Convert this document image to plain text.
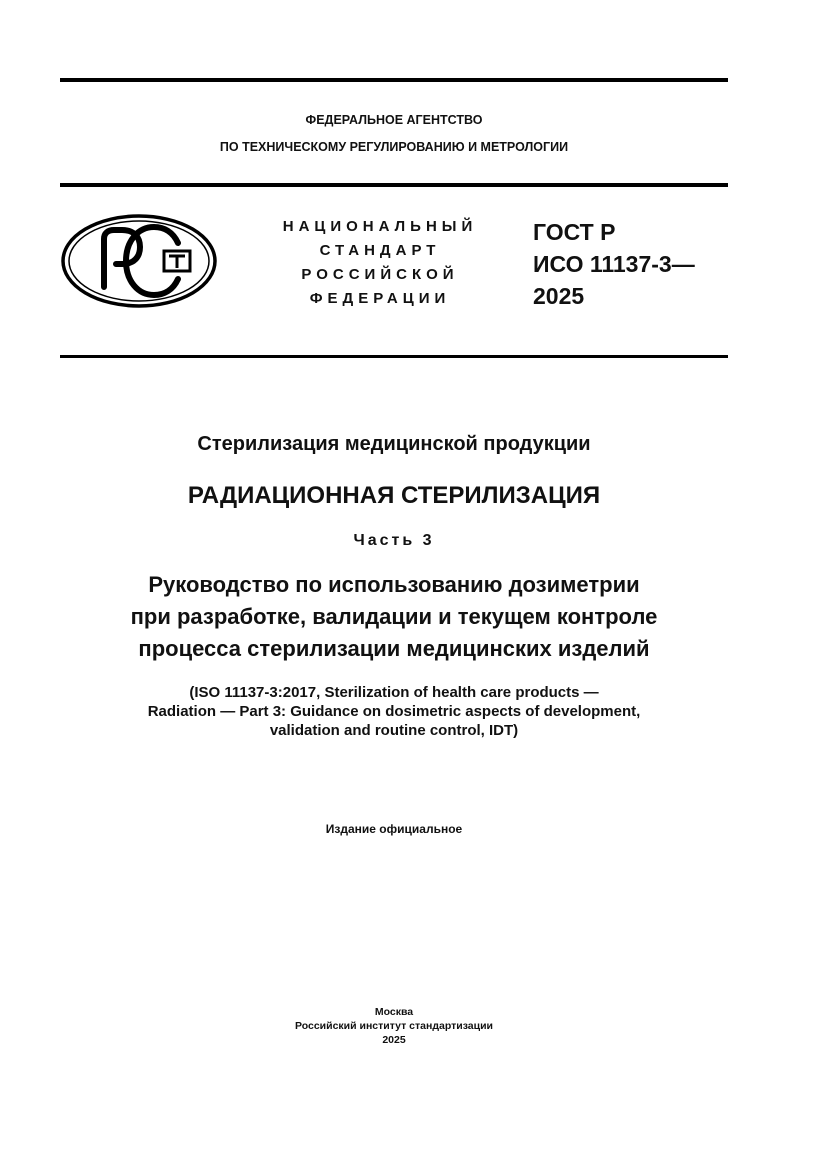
ФЕДЕРАЛЬНОЕ АГЕНТСТВО
ПО ТЕХНИЧЕСКОМУ РЕГУЛИРОВАНИЮ И МЕТРОЛОГИИ
НАЦИОНАЛЬНЫЙ
СТАНДАРТ
РОССИЙСКОЙ
ФЕДЕРАЦИИ
ГОСТ Р
ИСО 11137-3—
2025
Стерилизация медицинской продукции
РАДИАЦИОННАЯ СТЕРИЛИЗАЦИЯ
Часть 3
Руководство по использованию дозиметрии
при разработке, валидации и текущем контроле
процесса стерилизации медицинских изделий
(ISO 11137-3:2017, Sterilization of health care products —
Radiation — Part 3: Guidance on dosimetric aspects of development,
validation and routine control, IDT)
Издание официальное
Москва
Российский институт стандартизации
2025
